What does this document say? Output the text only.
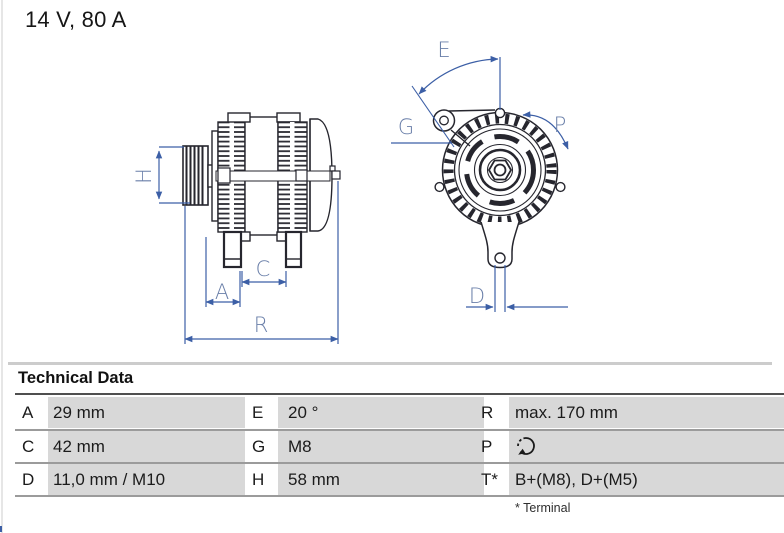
14 V, 80 A
H
A
C
R
E
G	P
D
Technical Data
A 29 mm	E	20 °	R	max. 170 mm
C 42 mm	G	M8	P
D 11,0 mm / M10	H	58 mm	T*	B+(M8), D+(M5)
* Terminal
